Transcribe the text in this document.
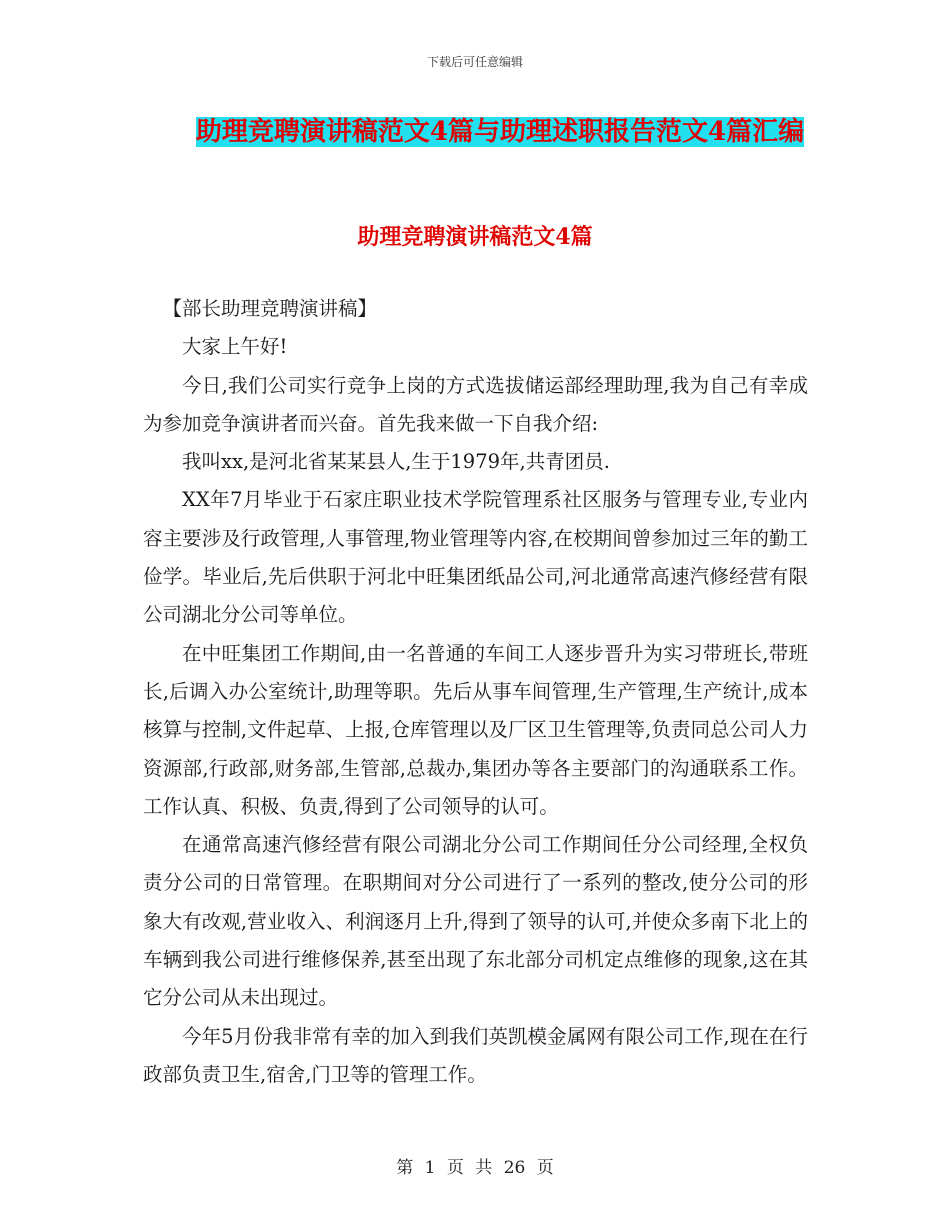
下载后可任意编辑
助理竞聘演讲稿范文4篇与助理述职报告范文4篇汇编
助理竞聘演讲稿范文4篇

【部长助理竞聘演讲稿】

大家上午好!

今日,我们公司实行竞争上岗的方式选拔储运部经理助理,我为自己有幸成为参加竞争演讲者而兴奋。首先我来做一下自我介绍:

我叫xx,是河北省某某县人,生于1979年,共青团员.

XX年7月毕业于石家庄职业技术学院管理系社区服务与管理专业,专业内容主要涉及行政管理,人事管理,物业管理等内容,在校期间曾参加过三年的勤工俭学。毕业后,先后供职于河北中旺集团纸品公司,河北通常高速汽修经营有限公司湖北分公司等单位。

在中旺集团工作期间,由一名普通的车间工人逐步晋升为实习带班长,带班长,后调入办公室统计,助理等职。先后从事车间管理,生产管理,生产统计,成本核算与控制,文件起草、上报,仓库管理以及厂区卫生管理等,负责同总公司人力资源部,行政部,财务部,生管部,总裁办,集团办等各主要部门的沟通联系工作。工作认真、积极、负责,得到了公司领导的认可。

在通常高速汽修经营有限公司湖北分公司工作期间任分公司经理,全权负责分公司的日常管理。在职期间对分公司进行了一系列的整改,使分公司的形象大有改观,营业收入、利润逐月上升,得到了领导的认可,并使众多南下北上的车辆到我公司进行维修保养,甚至出现了东北部分司机定点维修的现象,这在其它分公司从未出现过。

今年5月份我非常有幸的加入到我们英凯模金属网有限公司工作,现在在行政部负责卫生,宿舍,门卫等的管理工作。

第 1 页 共 26 页
